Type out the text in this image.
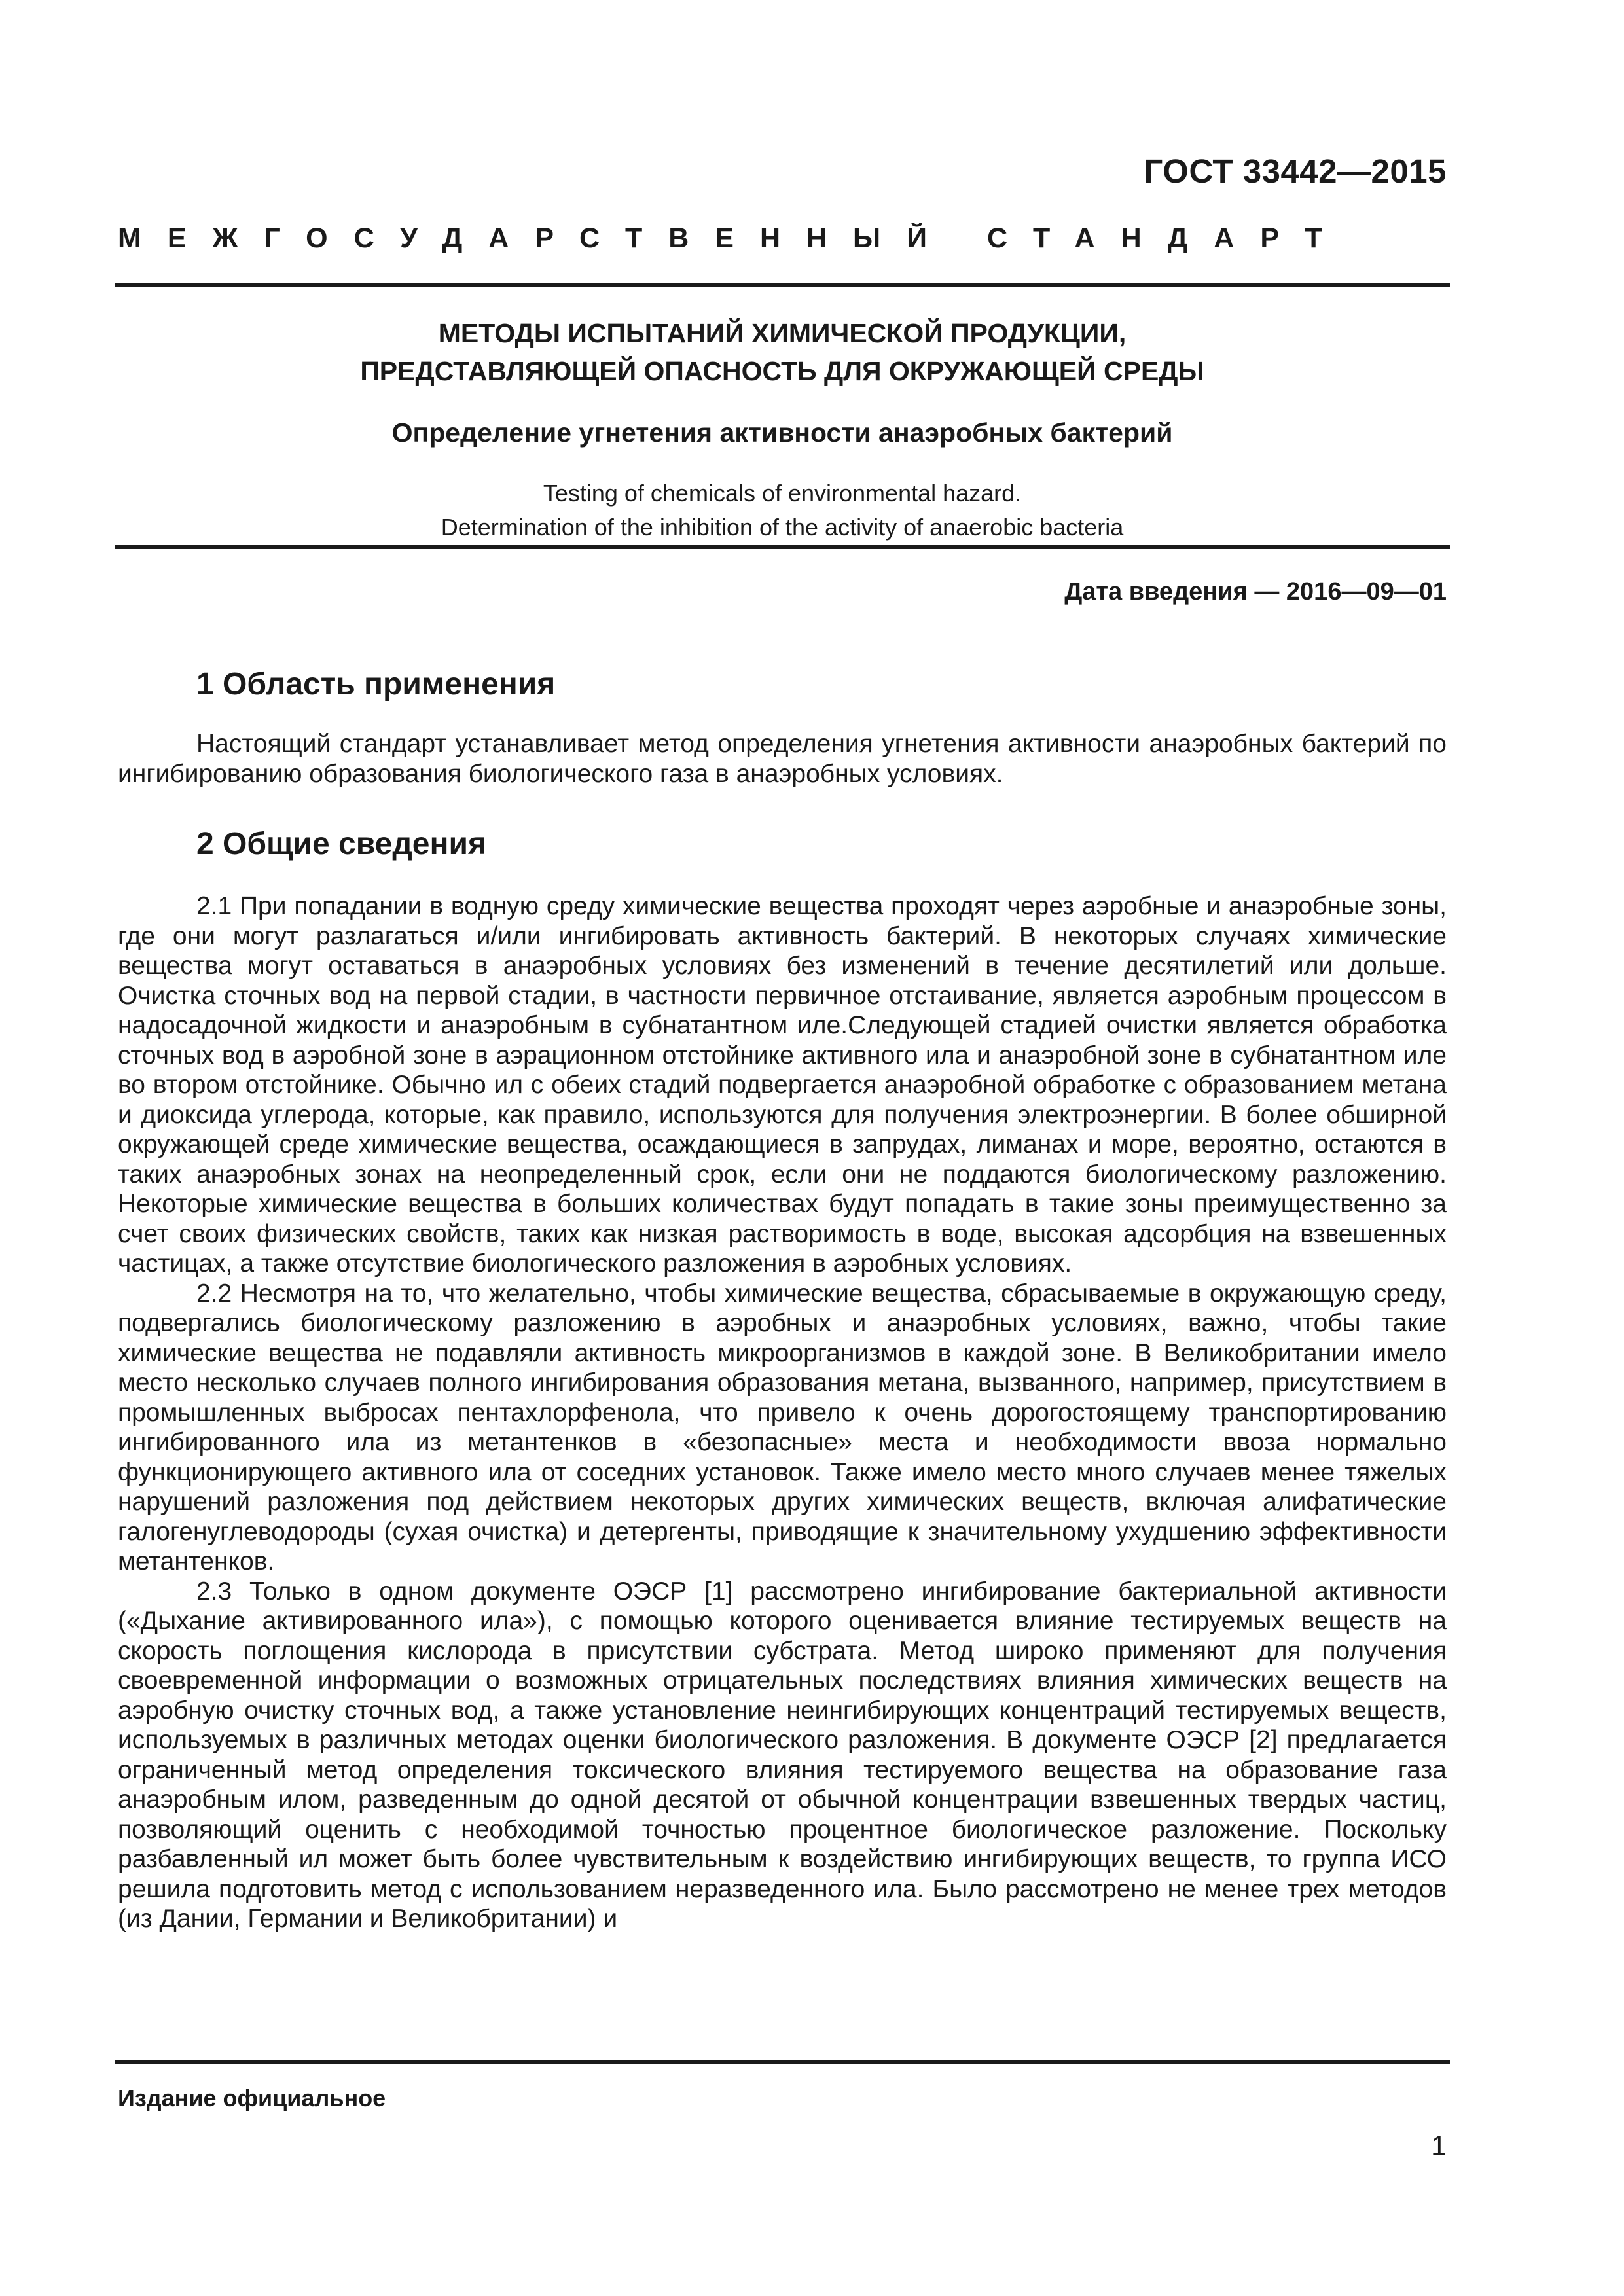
ГОСТ 33442—2015
МЕЖГОСУДАРСТВЕННЫЙ СТАНДАРТ

МЕТОДЫ ИСПЫТАНИЙ ХИМИЧЕСКОЙ ПРОДУКЦИИ,

ПРЕДСТАВЛЯЮЩЕЙ ОПАСНОСТЬ ДЛЯ ОКРУЖАЮЩЕЙ СРЕДЫ

Определение угнетения активности анаэробных бактерий

Testing of chemicals of environmental hazard.

Determination of the inhibition of the activity of anaerobic bacteria

Дата введения — 2016—09—01
1 Область применения

Настоящий стандарт устанавливает метод определения угнетения активности анаэробных бактерий по ингибированию образования биологического газа в анаэробных условиях.

2 Общие сведения

2.1 При попадании в водную среду химические вещества проходят через аэробные и анаэробные зоны, где они могут разлагаться и/или ингибировать активность бактерий. В некоторых случаях химические вещества могут оставаться в анаэробных условиях без изменений в течение десятилетий или дольше. Очистка сточных вод на первой стадии, в частности первичное отстаивание, является аэробным процессом в надосадочной жидкости и анаэробным в субнатантном иле.Следующей стадией очистки является обработка сточных вод в аэробной зоне в аэрационном отстойнике активного ила и анаэробной зоне в субнатантном иле во втором отстойнике. Обычно ил с обеих стадий подвергается анаэробной обработке с образованием метана и диоксида углерода, которые, как правило, используются для получения электроэнергии. В более обширной окружающей среде химические вещества, осаждающиеся в запрудах, лиманах и море, вероятно, остаются в таких анаэробных зонах на неопределенный срок, если они не поддаются биологическому разложению. Некоторые химические вещества в больших количествах будут попадать в такие зоны преимущественно за счет своих физических свойств, таких как низкая растворимость в воде, высокая адсорбция на взвешенных частицах, а также отсутствие биологического разложения в аэробных условиях.

2.2 Несмотря на то, что желательно, чтобы химические вещества, сбрасываемые в окружающую среду, подвергались биологическому разложению в аэробных и анаэробных условиях, важно, чтобы такие химические вещества не подавляли активность микроорганизмов в каждой зоне. В Великобритании имело место несколько случаев полного ингибирования образования метана, вызванного, например, присутствием в промышленных выбросах пентахлорфенола, что привело к очень дорогостоящему транспортированию ингибированного ила из метантенков в «безопасные» места и необходимости ввоза нормально функционирующего активного ила от соседних установок. Также имело место много случаев менее тяжелых нарушений разложения под действием некоторых других химических веществ, включая алифатические галогенуглеводороды (сухая очистка) и детергенты, приводящие к значительному ухудшению эффективности метантенков.

2.3 Только в одном документе ОЭСР [1] рассмотрено ингибирование бактериальной активности («Дыхание активированного ила»), с помощью которого оценивается влияние тестируемых веществ на скорость поглощения кислорода в присутствии субстрата. Метод широко применяют для получения своевременной информации о возможных отрицательных последствиях влияния химических веществ на аэробную очистку сточных вод, а также установление неингибирующих концентраций тестируемых веществ, используемых в различных методах оценки биологического разложения. В документе ОЭСР [2] предлагается ограниченный метод определения токсического влияния тестируемого вещества на образование газа анаэробным илом, разведенным до одной десятой от обычной концентрации взвешенных твердых частиц, позволяющий оценить с необходимой точностью процентное биологическое разложение. Поскольку разбавленный ил может быть более чувствительным к воздействию ингибирующих веществ, то группа ИСО решила подготовить метод с использованием неразведенного ила. Было рассмотрено не менее трех методов (из Дании, Германии и Великобритании) и

Издание официальное
1
